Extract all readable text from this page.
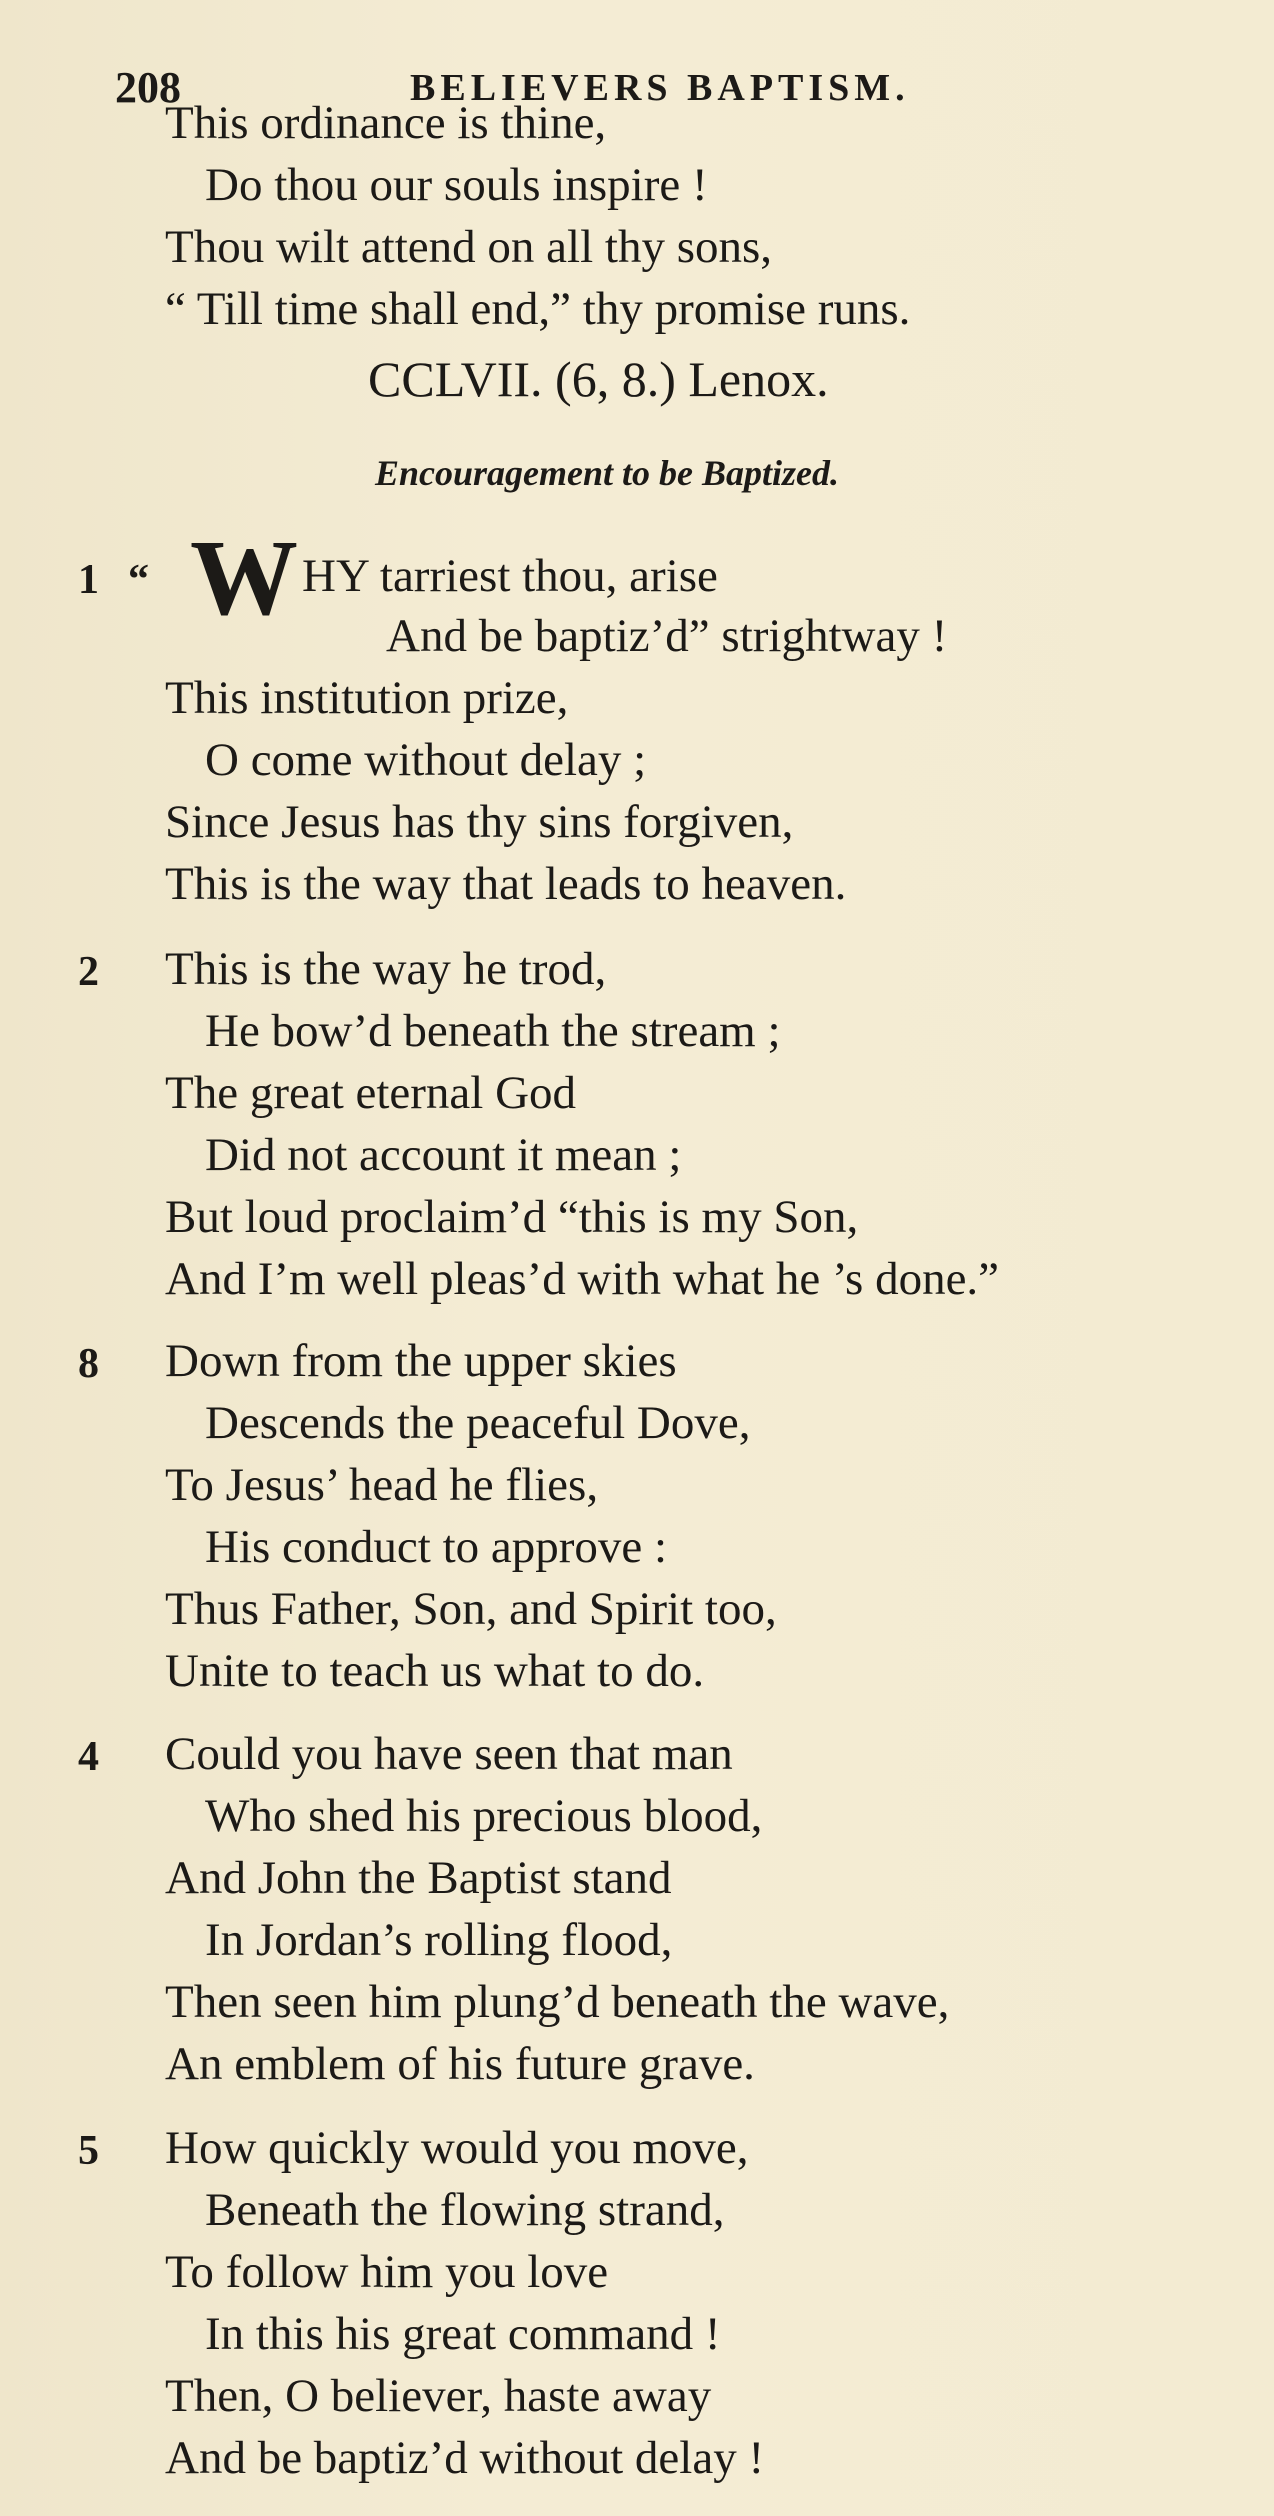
208	BELIEVERS BAPTISM.
This ordinance is thine,
Do thou our souls inspire !
Thou wilt attend on all thy sons,
CCLVII. (6, 8.) Lenox.
Encouragement to be Baptized.
1 “ W HY tarriest thou, arise
And be baptiz’d” strightway !
This institution prize,
O come without delay ;
Since Jesus has thy sins forgiven,
This is the way that leads to heaven.
2 This is the way he trod,
He bow’d beneath the stream ;
The great eternal God
Did not account it mean ;
But loud proclaim’d “this is my Son,
And I’m well pleas’d with what he ’s done.”
8 Down from the upper skies
Descends the peaceful Dove,
To Jesus’ head he flies,
His conduct to approve :
Thus Father, Son, and Spirit too,
Unite to teach us what to do.
4 Could you have seen that man
Who shed his precious blood,
And John the Baptist stand
In Jordan’s rolling flood,
Then seen him plung’d beneath the wave,
An emblem of his future grave.
5 How quickly would you move,
Beneath the flowing strand,
To follow him you love
In this his great command !
Then, O believer, haste away
And be baptiz’d without delay !
“ Till time shall end,” thy promise runs.
